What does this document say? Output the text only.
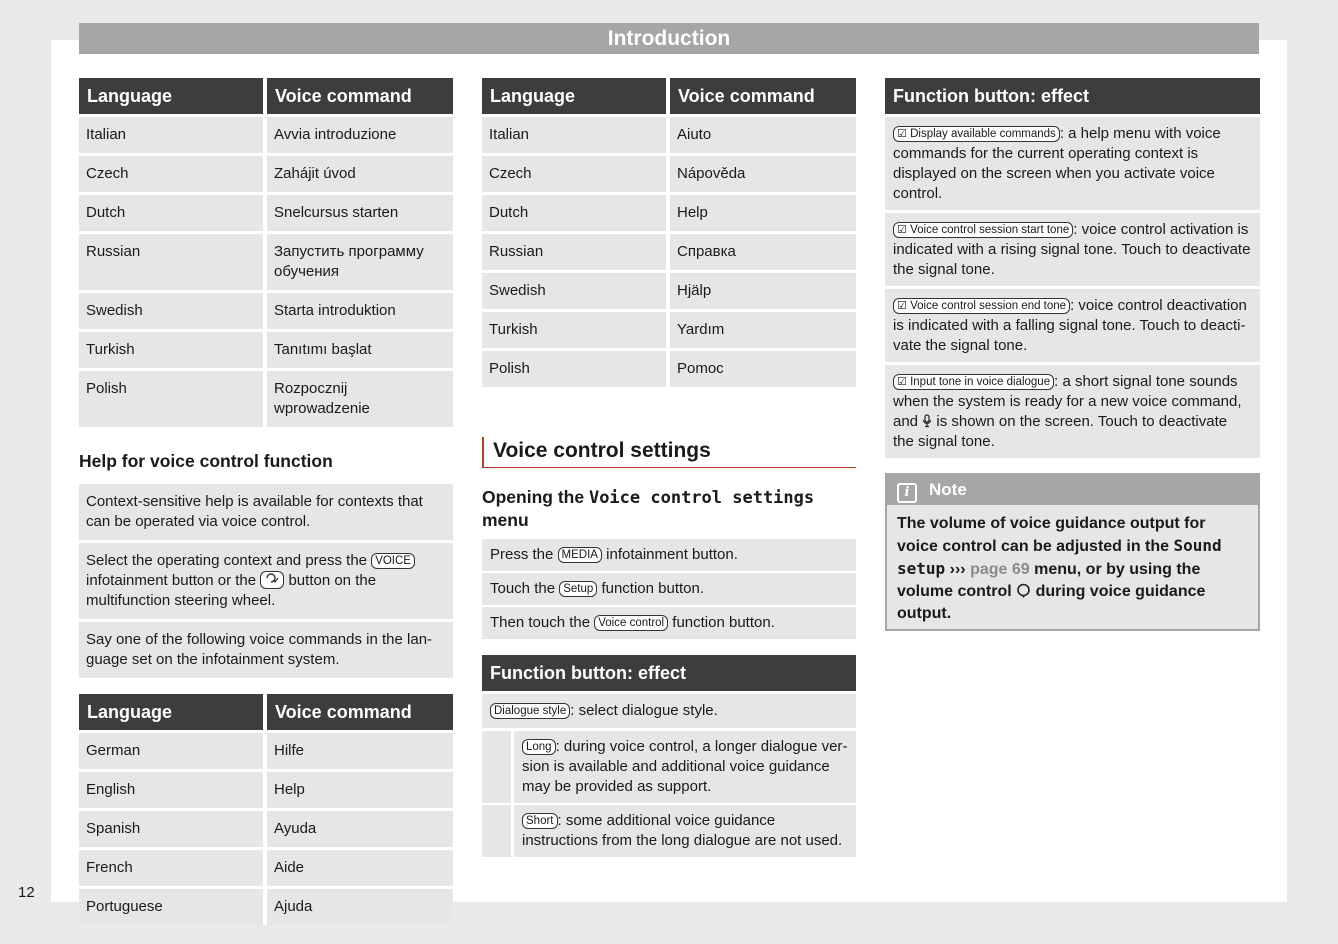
Introduction
Language	Voice command
Italian	Avvia introduzione
Czech	Zahájit úvod
Dutch	Snelcursus starten
Russian	Запустить программу обучения
Swedish	Starta introduktion
Turkish	Tanıtımı başlat
Polish	Rozpocznij wprowadzenie
Help for voice control function
Context-sensitive help is available for contexts that can be operated via voice control.
Select the operating context and press the VOICE infotainment button or the button on the multifunction steering wheel.
Say one of the following voice commands in the language set on the infotainment system.
Language	Voice command
German	Hilfe
English	Help
Spanish	Ayuda
French	Aide
Portuguese	Ajuda
Language	Voice command
Italian	Aiuto
Czech	Nápověda
Dutch	Help
Russian	Справка
Swedish	Hjälp
Turkish	Yardım
Polish	Pomoc
Voice control settings
Opening the Voice control settings
menu
Press the MEDIA infotainment button.
Touch the Setup function button.
Then touch the Voice control function button.
Function button: effect
Dialogue style : select dialogue style.
Long : during voice control, a longer dialogue version is available and additional voice guidance may be provided as support.
Short : some additional voice guidance instructions from the long dialogue are not used.
Function button: effect
☑ Display available commands : a help menu with voice commands for the current operating context is displayed on the screen when you activate voice control.
☑ Voice control session start tone : voice control activation is indicated with a rising signal tone. Touch to deactivate the signal tone.
☑ Voice control session end tone : voice control deactivation is indicated with a falling signal tone. Touch to deactivate the signal tone.
☑ Input tone in voice dialogue : a short signal tone sounds when the system is ready for a new voice command, and is shown on the screen. Touch to deactivate the signal tone.
i Note
The volume of voice guidance output for voice control can be adjusted in the Sound setup ››› page 69 menu, or by using the volume control during voice guidance output.
12
